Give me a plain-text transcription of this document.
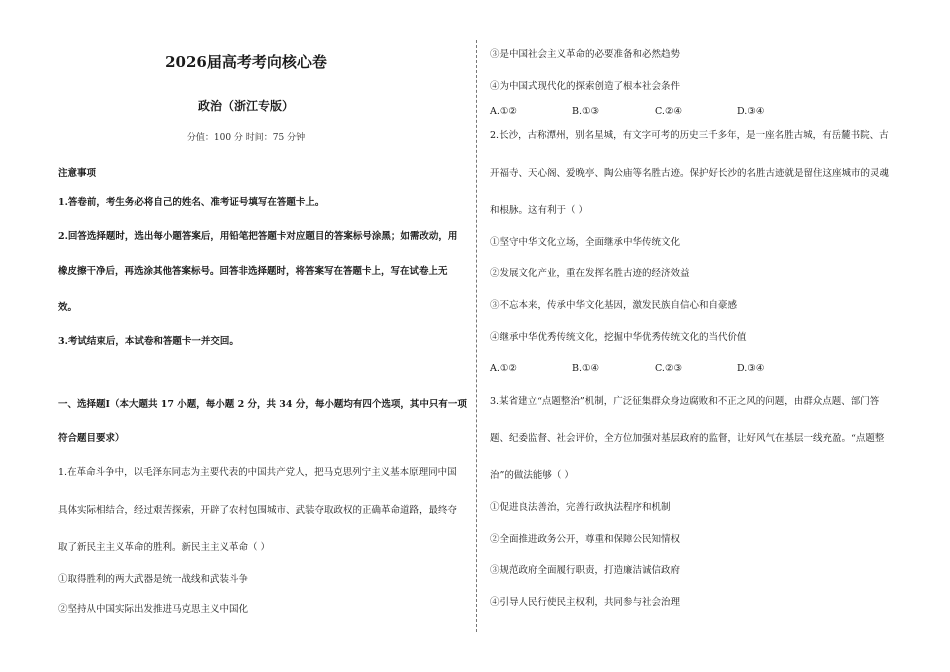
2026届高考考向核心卷
政治（浙江专版）
分值：100 分 时间：75 分钟
注意事项
1.答卷前，考生务必将自己的姓名、准考证号填写在答题卡上。
2.回答选择题时，选出每小题答案后，用铅笔把答题卡对应题目的答案标号涂黑；如需改动，用
橡皮擦干净后，再选涂其他答案标号。回答非选择题时，将答案写在答题卡上，写在试卷上无
效。
3.考试结束后，本试卷和答题卡一并交回。
一、选择题Ⅰ（本大题共 17 小题，每小题 2 分，共 34 分，每小题均有四个选项，其中只有一项
符合题目要求）
1.在革命斗争中，以毛泽东同志为主要代表的中国共产党人，把马克思列宁主义基本原理同中国
具体实际相结合，经过艰苦探索，开辟了农村包围城市、武装夺取政权的正确革命道路，最终夺
取了新民主主义革命的胜利。新民主主义革命（ ）
①取得胜利的两大武器是统一战线和武装斗争
②坚持从中国实际出发推进马克思主义中国化
③是中国社会主义革命的必要准备和必然趋势
④为中国式现代化的探索创造了根本社会条件
A.①②	B.①③	C.②④	D.③④
2.长沙，古称潭州，别名星城，有文字可考的历史三千多年，是一座名胜古城，有岳麓书院、古
开福寺、天心阁、爱晚亭、陶公庙等名胜古迹。保护好长沙的名胜古迹就是留住这座城市的灵魂
和根脉。这有利于（ ）
①坚守中华文化立场，全面继承中华传统文化
②发展文化产业，重在发挥名胜古迹的经济效益
③不忘本来，传承中华文化基因，激发民族自信心和自豪感
④继承中华优秀传统文化，挖掘中华优秀传统文化的当代价值
A.①②	B.①④	C.②③	D.③④
3.某省建立“点题整治”机制，广泛征集群众身边腐败和不正之风的问题，由群众点题、部门答
题、纪委监督、社会评价，全方位加强对基层政府的监督，让好风气在基层一线充盈。“点题整
治”的做法能够（ ）
①促进良法善治，完善行政执法程序和机制
②全面推进政务公开，尊重和保障公民知情权
③规范政府全面履行职责，打造廉洁诚信政府
④引导人民行使民主权利，共同参与社会治理
